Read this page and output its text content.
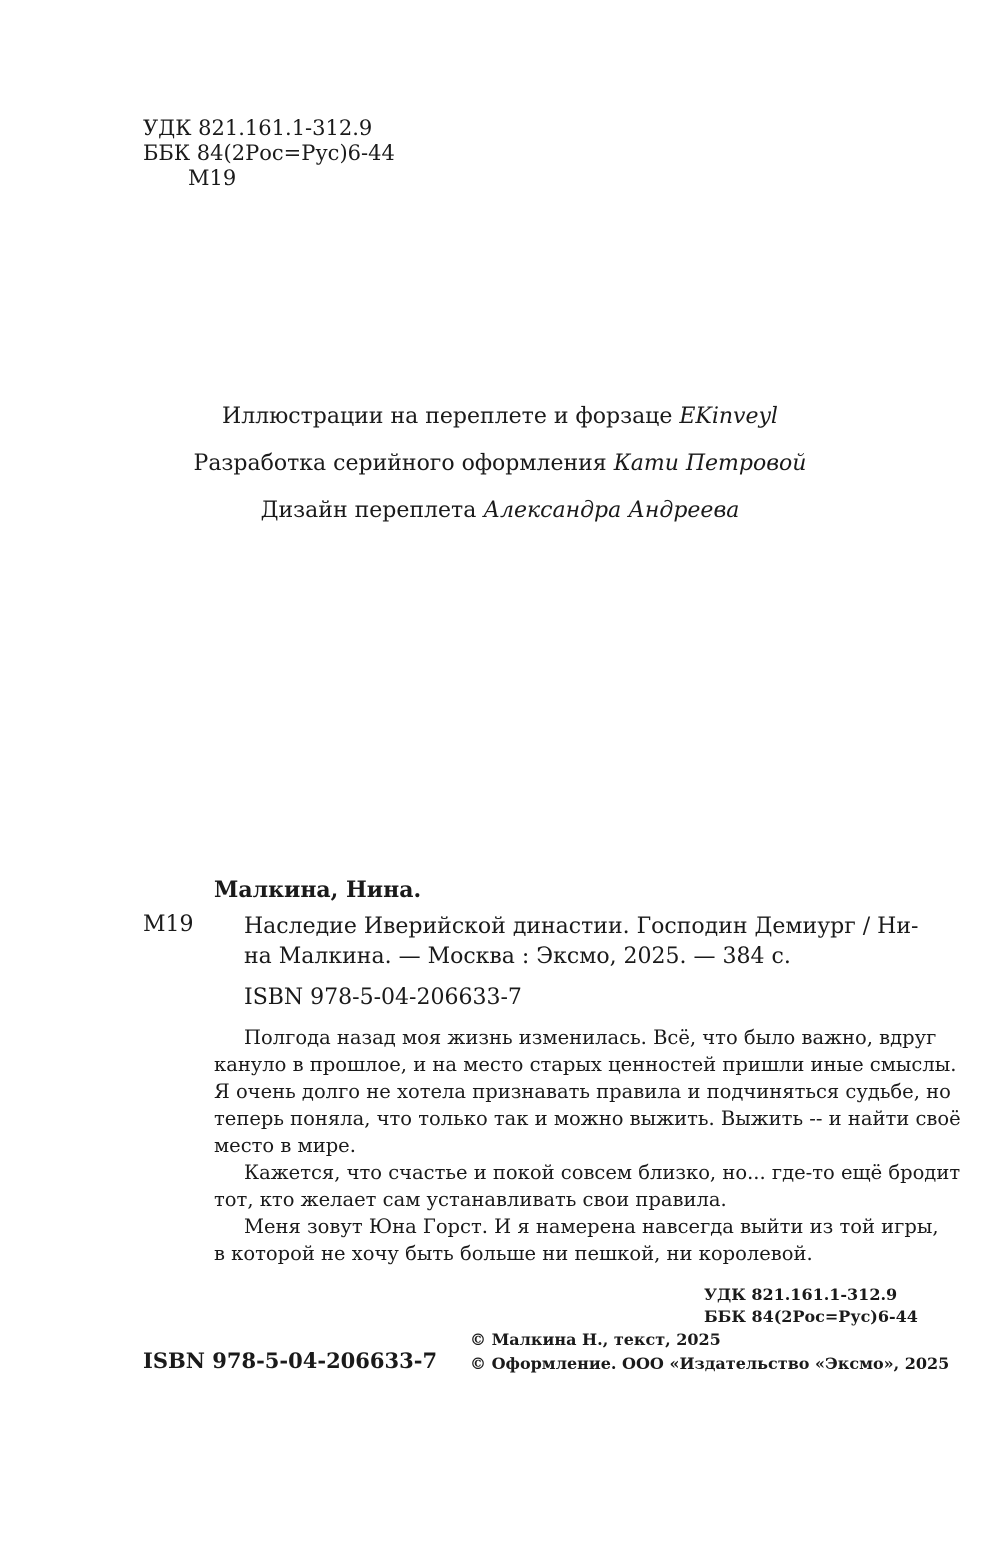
УДК 821.161.1-312.9
ББК 84(2Рос=Рус)6-44
М19
Иллюстрации на переплете и форзаце EKinveyl
Разработка серийного оформления Кати Петровой
Дизайн переплета Александра Андреева
Малкина, Нина.
М19 Наследие Иверийской династии. Господин Демиург / Ни-
на Малкина. — Москва : Эксмо, 2025. — 384 с.
ISBN 978-5-04-206633-7
Полгода назад моя жизнь изменилась. Всё, что было важно, вдруг
кануло в прошлое, и на место старых ценностей пришли иные смыслы.
Я очень долго не хотела признавать правила и подчиняться судьбе, но
теперь поняла, что только так и можно выжить. Выжить -- и найти своё
место в мире.
Кажется, что счастье и покой совсем близко, но... где-то ещё бродит
тот, кто желает сам устанавливать свои правила.
Меня зовут Юна Горст. И я намерена навсегда выйти из той игры,
в которой не хочу быть больше ни пешкой, ни королевой.
УДК 821.161.1-312.9
ББК 84(2Рос=Рус)6-44
ISBN 978-5-04-206633-7
© Малкина Н., текст, 2025
© Оформление. ООО «Издательство «Эксмо», 2025
